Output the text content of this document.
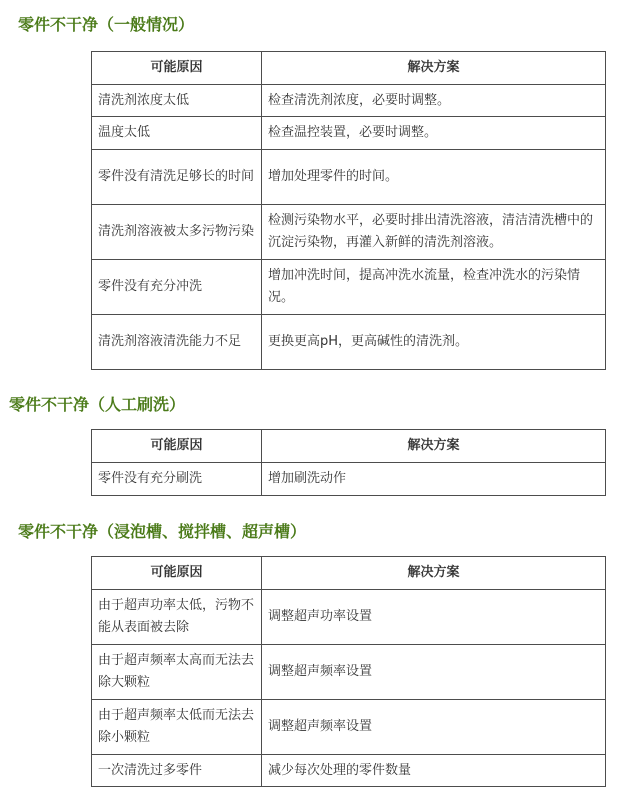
零件不干净（一般情况）
可能原因	解决方案
清洗剂浓度太低	检查清洗剂浓度，必要时调整。
温度太低	检查温控装置，必要时调整。
零件没有清洗足够长的时间	增加处理零件的时间。
清洗剂溶液被太多污物污染	检测污染物水平，必要时排出清洗溶液，清洁清洗槽中的沉淀污染物，再灌入新鲜的清洗剂溶液。
零件没有充分冲洗	增加冲洗时间，提高冲洗水流量，检查冲洗水的污染情况。
清洗剂溶液清洗能力不足	更换更高pH，更高碱性的清洗剂。
零件不干净（人工刷洗）
可能原因	解决方案
零件没有充分刷洗	增加刷洗动作
零件不干净（浸泡槽、搅拌槽、超声槽）
可能原因	解决方案
由于超声功率太低，污物不能从表面被去除	调整超声功率设置
由于超声频率太高而无法去除大颗粒	调整超声频率设置
由于超声频率太低而无法去除小颗粒	调整超声频率设置
一次清洗过多零件	减少每次处理的零件数量
